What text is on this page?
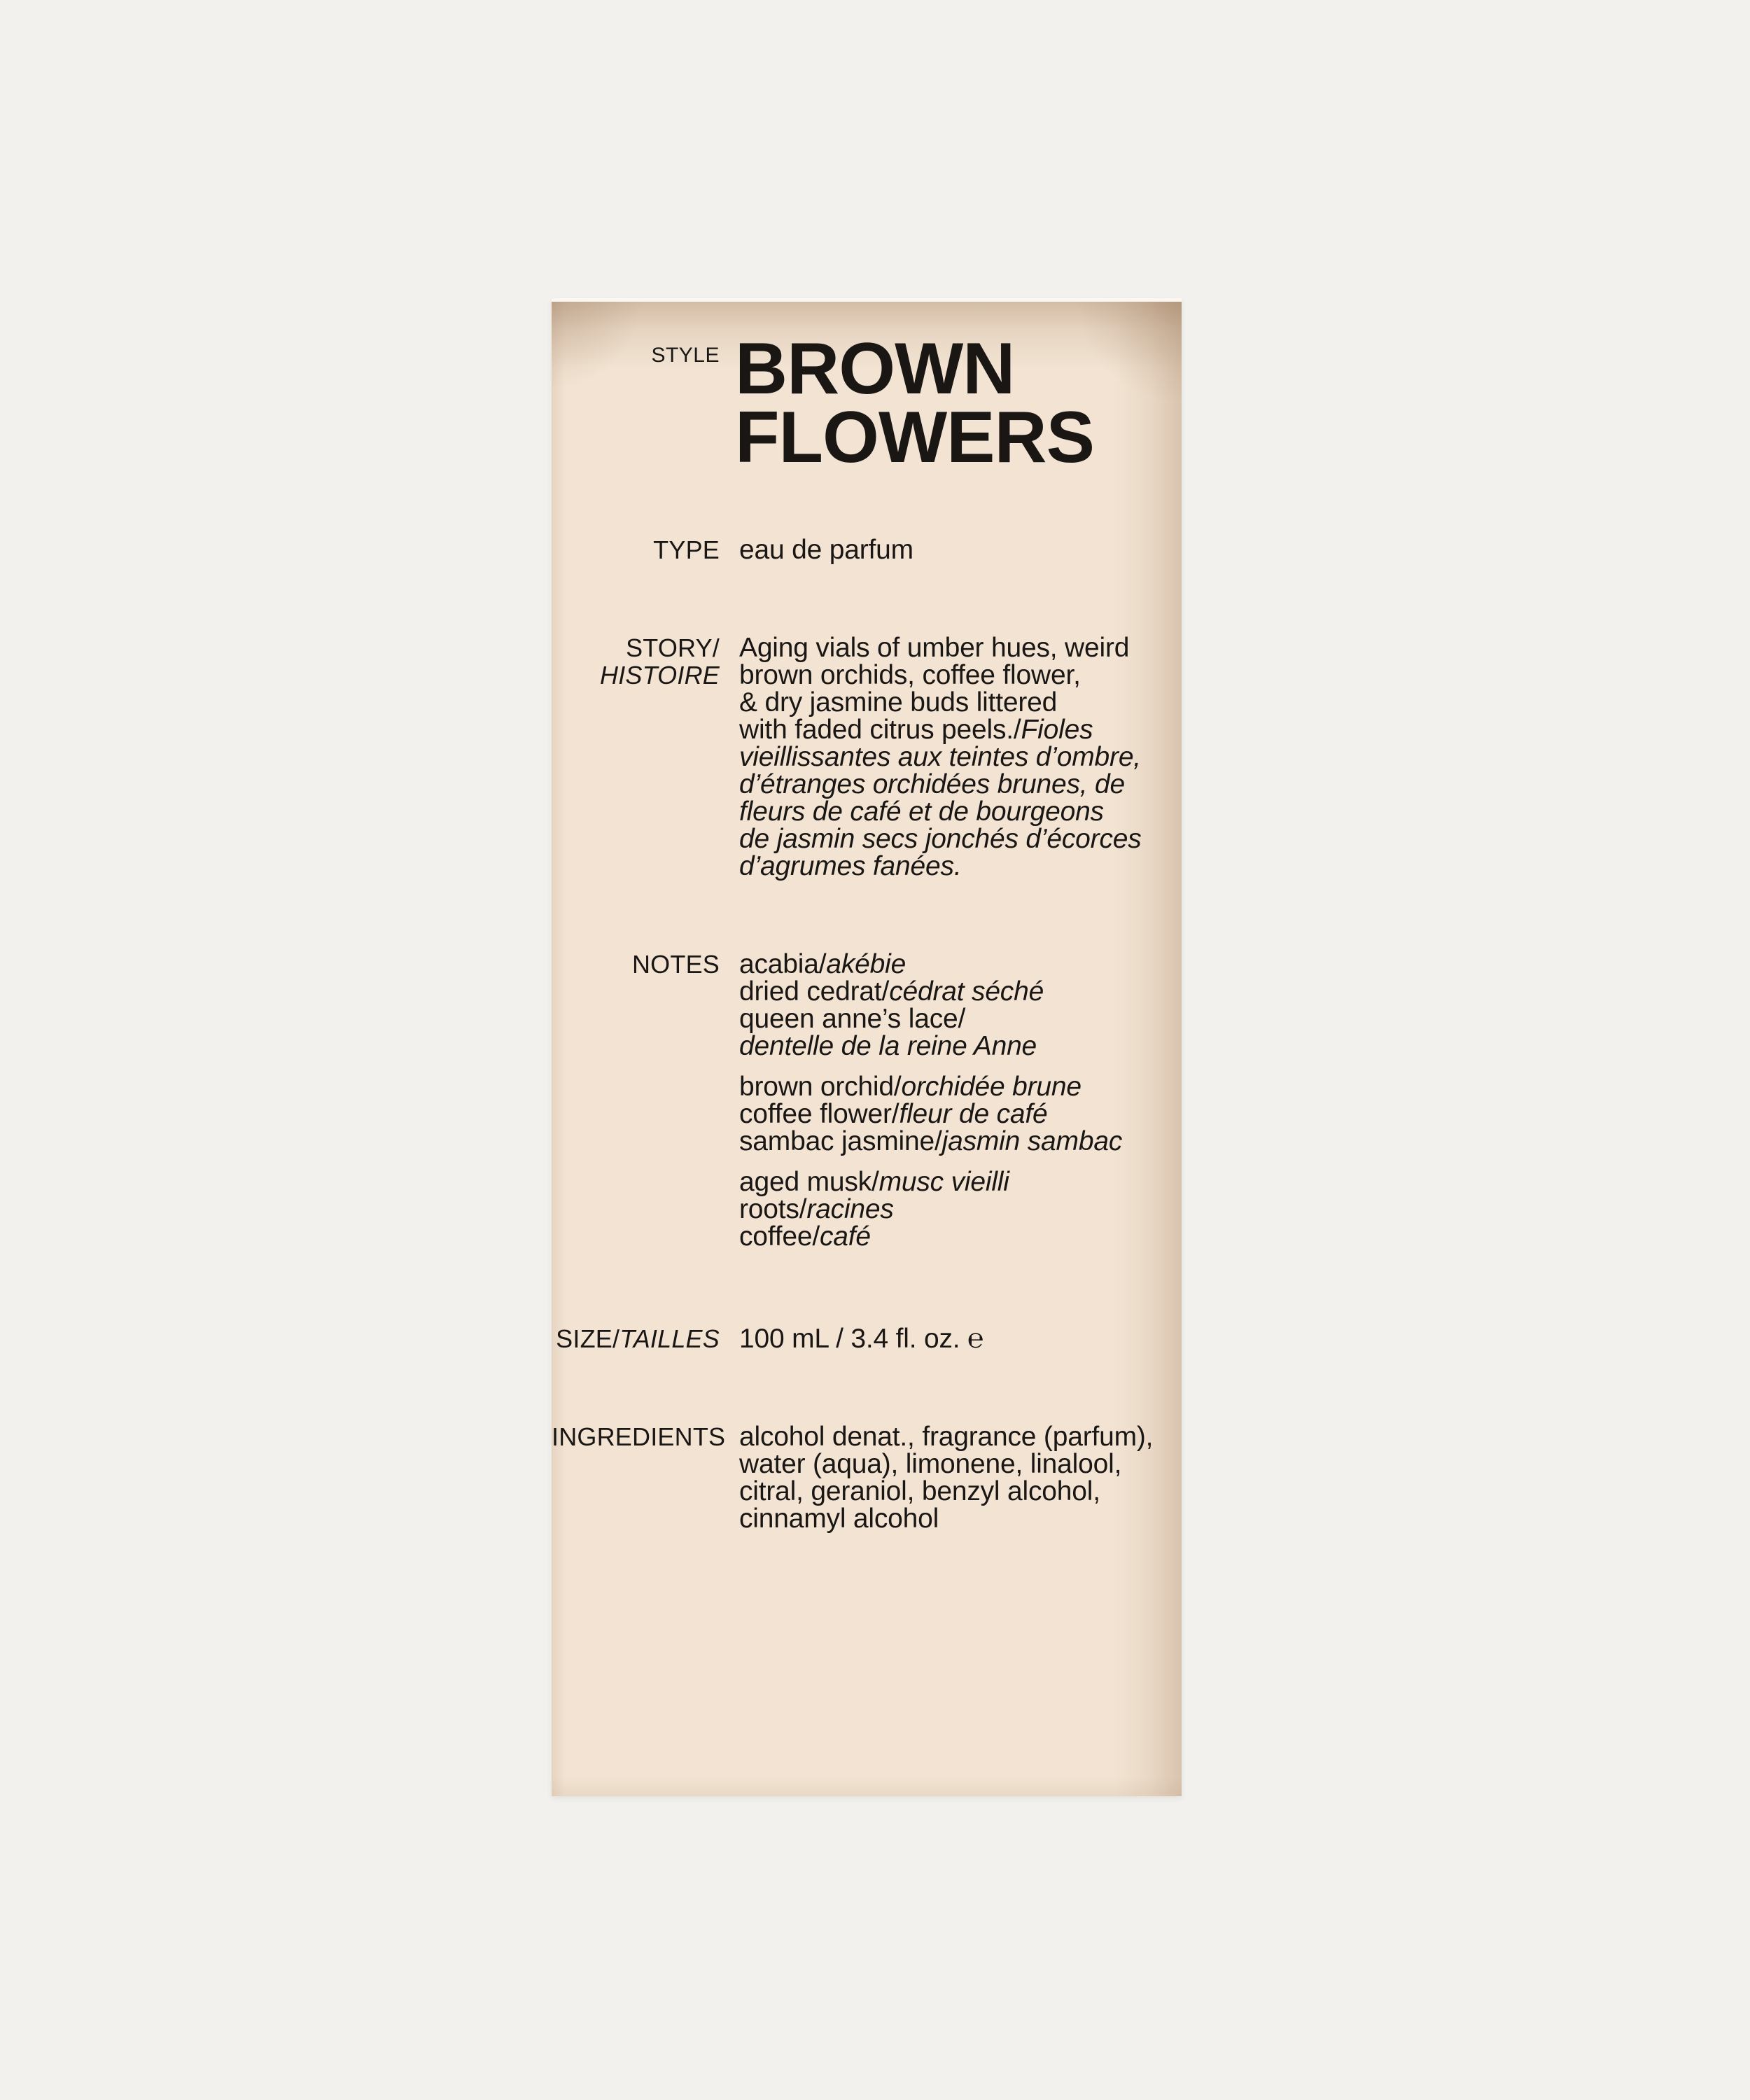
STYLE BROWN
FLOWERS
TYPE eau de parfum
STORY/
HISTOIRE
Aging vials of umber hues, weird
brown orchids, coffee flower,
& dry jasmine buds littered
with faded citrus peels./Fioles
vieillissantes aux teintes d’ombre,
d’étranges orchidées brunes, de
fleurs de café et de bourgeons
de jasmin secs jonchés d’écorces
d’agrumes fanées.
NOTES acabia/akébie
dried cedrat/cédrat séché
queen anne’s lace/
dentelle de la reine Anne
brown orchid/orchidée brune
coffee flower/fleur de café
sambac jasmine/jasmin sambac
aged musk/musc vieilli
roots/racines
coffee/café
SIZE/TAILLES 100 mL / 3.4 fl. oz. ℮
INGREDIENTS alcohol denat., fragrance (parfum),
water (aqua), limonene, linalool,
citral, geraniol, benzyl alcohol,
cinnamyl alcohol
